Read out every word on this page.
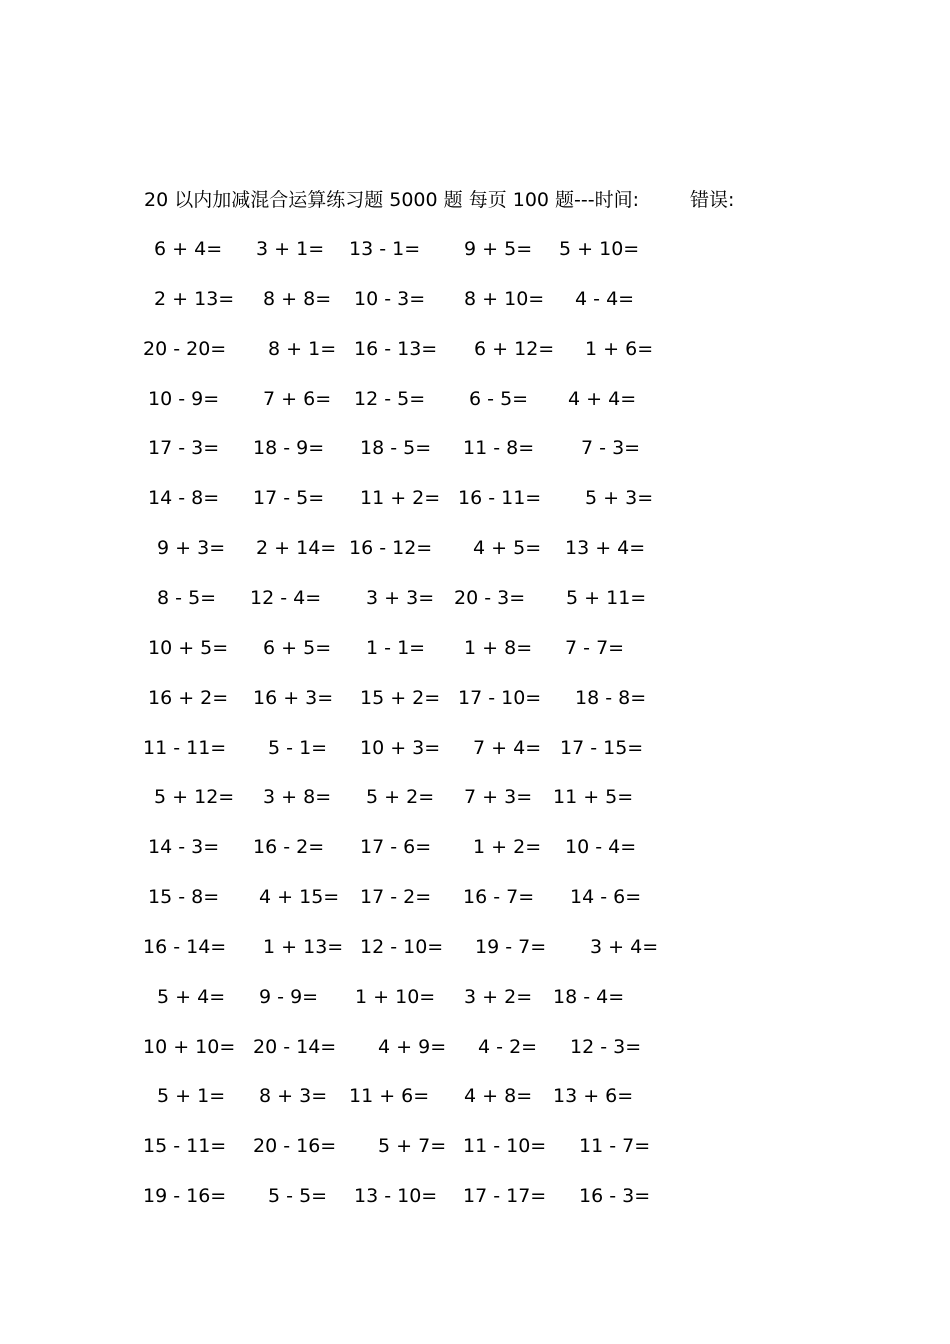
20 以内加减混合运算练习题 5000 题 每页 100 题---时间:	错误:
6 + 4= 3 + 1= 13 - 1= 9 + 5= 5 + 10=
2 + 13= 8 + 8= 10 - 3= 8 + 10= 4 - 4=
20 - 20= 8 + 1= 16 - 13= 6 + 12= 1 + 6=
10 - 9= 7 + 6= 12 - 5= 6 - 5= 4 + 4=
17 - 3= 18 - 9= 18 - 5= 11 - 8= 7 - 3=
14 - 8= 17 - 5= 11 + 2= 16 - 11= 5 + 3=
9 + 3= 2 + 14= 16 - 12= 4 + 5= 13 + 4=
8 - 5= 12 - 4= 3 + 3= 20 - 3= 5 + 11=
10 + 5= 6 + 5= 1 - 1= 1 + 8= 7 - 7=
16 + 2= 16 + 3= 15 + 2= 17 - 10= 18 - 8=
11 - 11= 5 - 1= 10 + 3= 7 + 4= 17 - 15=
5 + 12= 3 + 8= 5 + 2= 7 + 3= 11 + 5=
14 - 3= 16 - 2= 17 - 6= 1 + 2= 10 - 4=
15 - 8= 4 + 15= 17 - 2= 16 - 7= 14 - 6=
16 - 14= 1 + 13= 12 - 10= 19 - 7= 3 + 4=
5 + 4= 9 - 9= 1 + 10= 3 + 2= 18 - 4=
10 + 10= 20 - 14= 4 + 9= 4 - 2= 12 - 3=
5 + 1= 8 + 3= 11 + 6= 4 + 8= 13 + 6=
15 - 11= 20 - 16= 5 + 7= 11 - 10= 11 - 7=
19 - 16= 5 - 5= 13 - 10= 17 - 17= 16 - 3=
